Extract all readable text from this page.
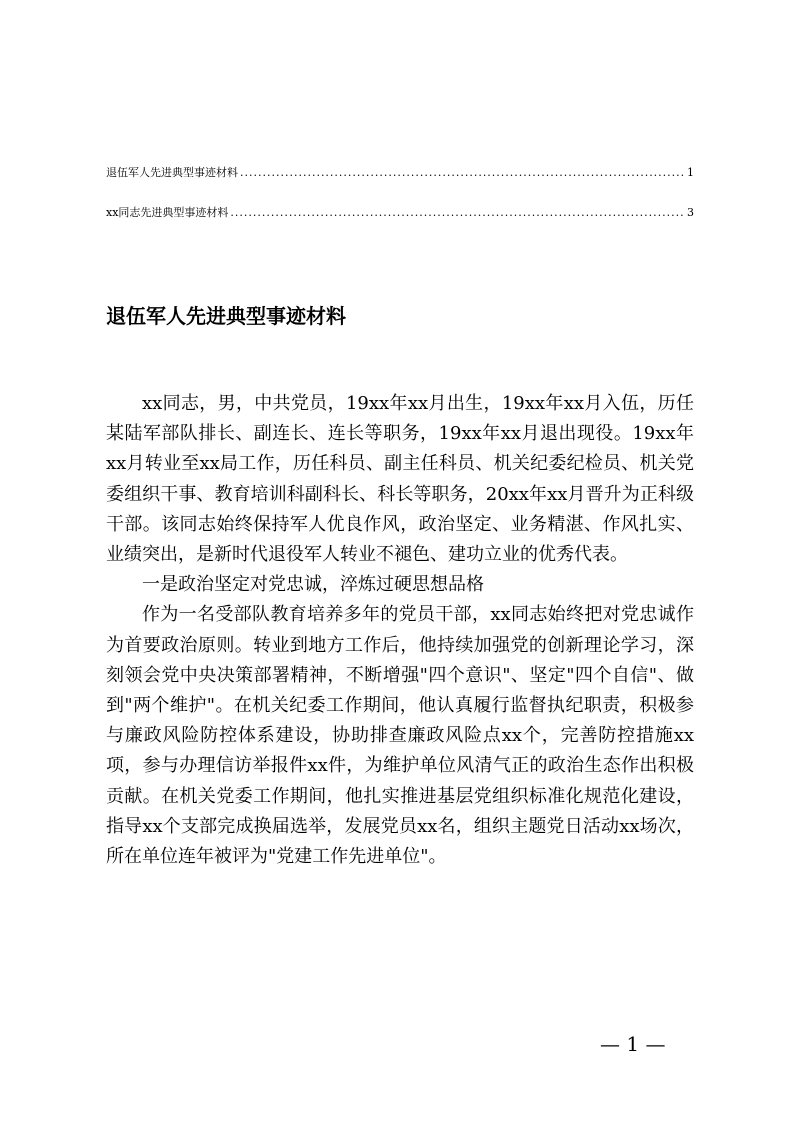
退伍军人先进典型事迹材料 .....	1
xx同志先进典型事迹材料 .....	3
退伍军人先进典型事迹材料

xx同志，男，中共党员，19xx年xx月出生，19xx年xx月入伍，历任某陆军部队排长、副连长、连长等职务，19xx年xx月退出现役。19xx年xx月转业至xx局工作，历任科员、副主任科员、机关纪委纪检员、机关党委组织干事、教育培训科副科长、科长等职务，20xx年xx月晋升为正科级干部。该同志始终保持军人优良作风，政治坚定、业务精湛、作风扎实、业绩突出，是新时代退役军人转业不褪色、建功立业的优秀代表。

一是政治坚定对党忠诚，淬炼过硬思想品格

作为一名受部队教育培养多年的党员干部，xx同志始终把对党忠诚作为首要政治原则。转业到地方工作后，他持续加强党的创新理论学习，深刻领会党中央决策部署精神，不断增强"四个意识"、坚定"四个自信"、做到"两个维护"。在机关纪委工作期间，他认真履行监督执纪职责，积极参与廉政风险防控体系建设，协助排查廉政风险点xx个，完善防控措施xx项，参与办理信访举报件xx件，为维护单位风清气正的政治生态作出积极贡献。在机关党委工作期间，他扎实推进基层党组织标准化规范化建设，指导xx个支部完成换届选举，发展党员xx名，组织主题党日活动xx场次，所在单位连年被评为"党建工作先进单位"。

— 1 —
